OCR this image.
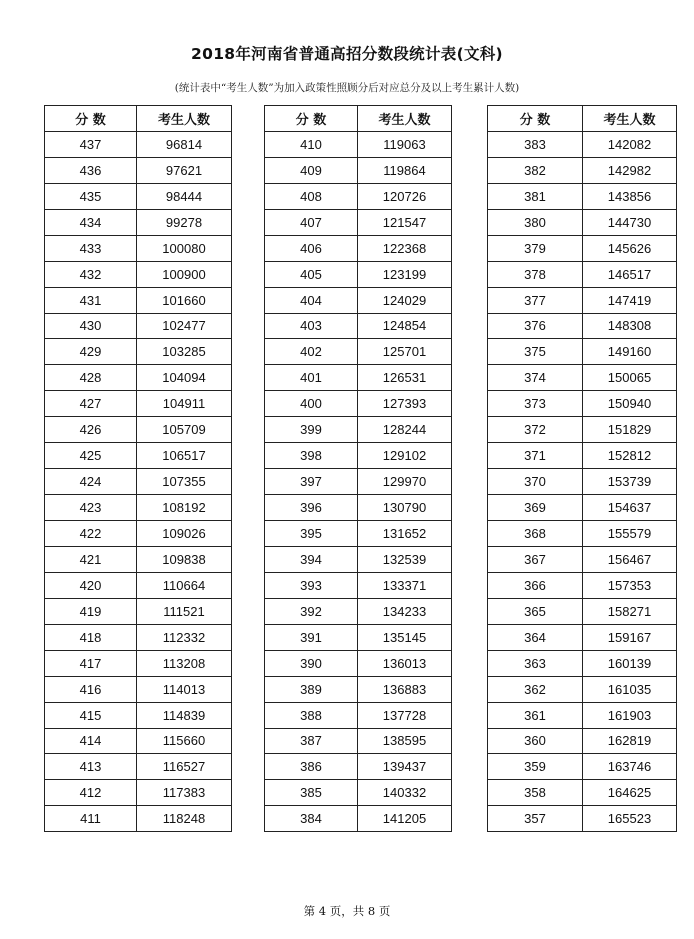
2018年河南省普通高招分数段统计表(文科)
(统计表中“考生人数”为加入政策性照顾分后对应总分及以上考生累计人数)
分 数	考生人数
437	96814
436	97621
435	98444
434	99278
433	100080
432	100900
431	101660
430	102477
429	103285
428	104094
427	104911
426	105709
425	106517
424	107355
423	108192
422	109026
421	109838
420	110664
419	111521
418	112332
417	113208
416	114013
415	114839
414	115660
413	116527
412	117383
411	118248
分 数	考生人数
410	119063
409	119864
408	120726
407	121547
406	122368
405	123199
404	124029
403	124854
402	125701
401	126531
400	127393
399	128244
398	129102
397	129970
396	130790
395	131652
394	132539
393	133371
392	134233
391	135145
390	136013
389	136883
388	137728
387	138595
386	139437
385	140332
384	141205
分 数	考生人数
383	142082
382	142982
381	143856
380	144730
379	145626
378	146517
377	147419
376	148308
375	149160
374	150065
373	150940
372	151829
371	152812
370	153739
369	154637
368	155579
367	156467
366	157353
365	158271
364	159167
363	160139
362	161035
361	161903
360	162819
359	163746
358	164625
357	165523
第 4 页，共 8 页
